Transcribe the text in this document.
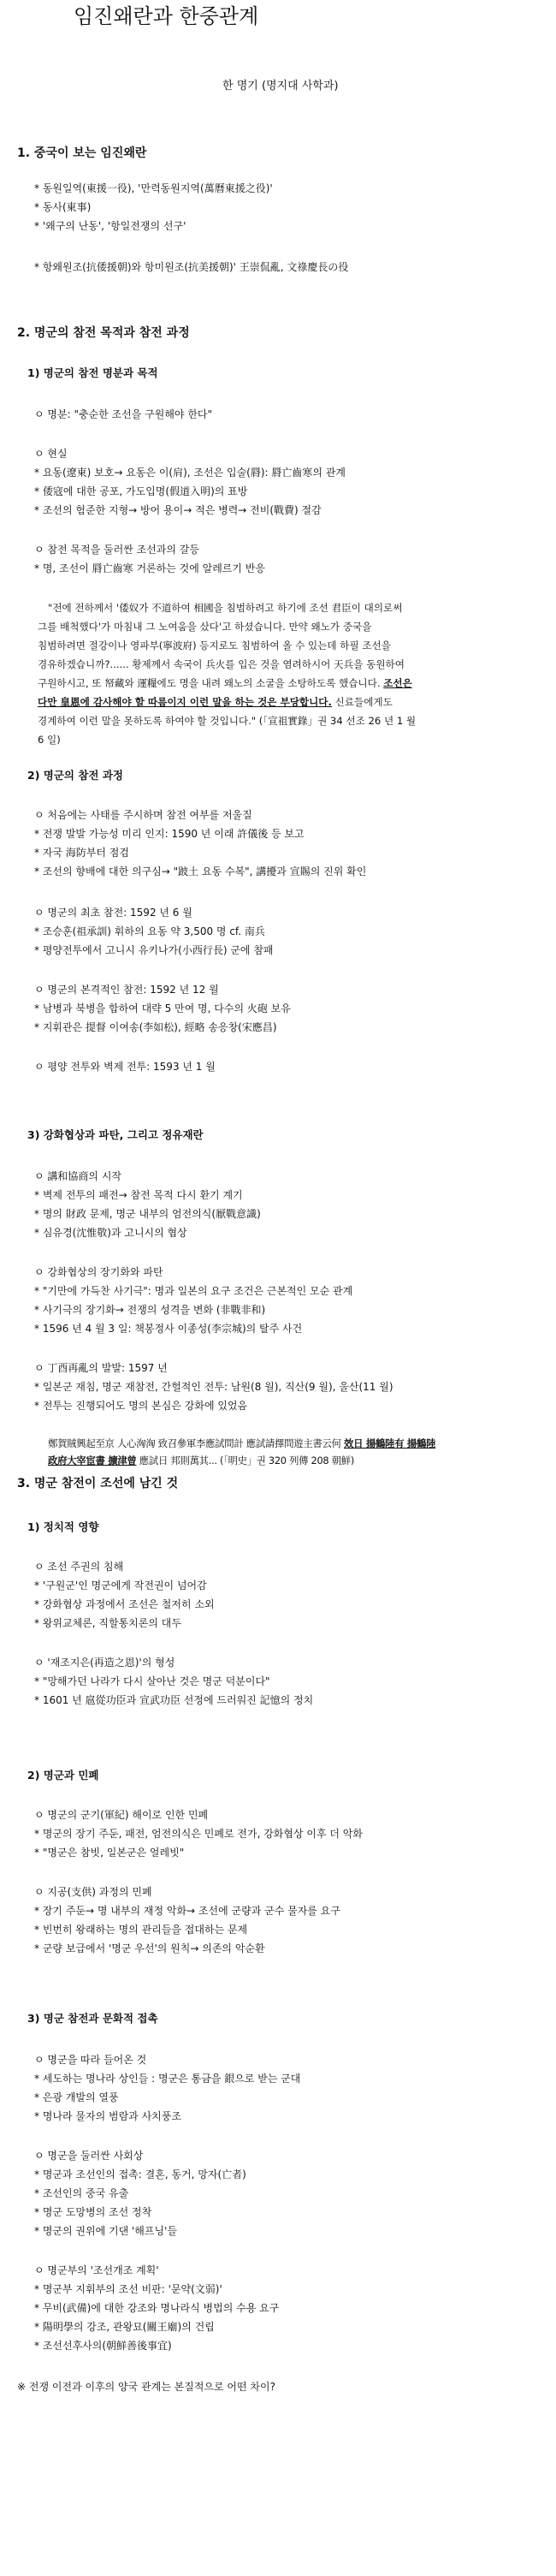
임진왜란과 한중관계
한 명기 (명지대 사학과)
1. 중국이 보는 임진왜란
* 동원일역(東援一役), '만력동원지역(萬曆東援之役)'
* 동사(東事)
* '왜구의 난동', '항일전쟁의 선구'
* 항왜원조(抗倭援朝)와 항미원조(抗美援朝)' 王崇侃亂, 文祿慶長の役
2. 명군의 참전 목적과 참전 과정
1) 명군의 참전 명분과 목적
ㅇ 명분: "충순한 조선을 구원해야 한다"
ㅇ 현실
* 요동(遼東) 보호→ 요동은 이(肩), 조선은 입술(脣): 脣亡齒寒의 관계
* 倭寇에 대한 공포, 가도입명(假道入明)의 표방
* 조선의 험준한 지형→ 방어 용이→ 적은 병력→ 전비(戰費) 절감
ㅇ 참전 목적을 둘러싼 조선과의 갈등
* 명, 조선이 脣亡齒寒 거론하는 것에 알레르기 반응
"전에 전하께서 '倭奴가 不道하여 相國을 침범하려고 하기에 조선 君臣이 대의로써
그를 배척했다'가 마침내 그 노여움을 샀다'고 하셨습니다. 만약 왜노가 중국을
침범하려면 절강이나 영파부(寧波府) 등지로도 침범하여 올 수 있는데 하필 조선을
경유하겠습니까?...... 황제께서 속국이 兵火를 입은 것을 염려하시어 天兵을 동원하여
구원하시고, 또 帑藏와 運糧에도 명을 내려 왜노의 소굴을 소탕하도록 했습니다. 조선은
다만 皇恩에 감사해야 할 따름이지 이런 말을 하는 것은 부당합니다. 신료들에게도
경계하여 이런 말을 못하도록 하여야 할 것입니다." (「宣祖實錄」권 34 선조 26 년 1 월
6 일)
2) 명군의 참전 과정
ㅇ 처음에는 사태를 주시하며 참전 여부를 저울질
* 전쟁 발발 가능성 미리 인지: 1590 년 이래 許儀後 등 보고
* 자국 海防부터 점검
* 조선의 향배에 대한 의구심→ "跛土 요동 수복", 講擾과 宣賜의 진위 확인
ㅇ 명군의 최초 참전: 1592 년 6 월
* 조승훈(祖承訓) 휘하의 요동 약 3,500 명 cf. 南兵
* 평양전투에서 고니시 유키나가(小西行長) 군에 참패
ㅇ 명군의 본격적인 참전: 1592 년 12 월
* 남병과 북병을 합하여 대략 5 만여 명, 다수의 火砲 보유
* 지휘관은 提督 이여송(李如松), 經略 송응창(宋應昌)
ㅇ 평양 전투와 벽제 전투: 1593 년 1 월
3) 강화협상과 파탄, 그리고 정유재란
ㅇ 講和協商의 시작
* 벽제 전투의 패전→ 참전 목적 다시 환기 계기
* 명의 財政 문제, 명군 내부의 엄전의식(厭戰意識)
* 심유경(沈惟敬)과 고니시의 협상
ㅇ 강화협상의 장기화와 파탄
* "기만에 가득찬 사기극": 명과 일본의 요구 조건은 근본적인 모순 관계
* 사기극의 장기화→ 전쟁의 성격을 변화 (非戰非和)
* 1596 년 4 월 3 일: 책봉정사 이종성(李宗城)의 탈주 사건
ㅇ 丁酉再亂의 발발: 1597 년
* 일본군 재침, 명군 재참전, 간헐적인 전투: 남원(8 월), 직산(9 월), 울산(11 월)
* 전투는 진행되어도 명의 본심은 강화에 있었음
鄭賀賊興起至京 人心洶洶 致召參軍李應試問計 應試請擇問遊主書云何 效日 揚鶴陸有 揚鶴陸
政府大宰宦書 擴津曾 應試日 邦則萬其... (「明史」권 320 列傳 208 朝鮮)
3. 명군 참전이 조선에 남긴 것
1) 정치적 영향
ㅇ 조선 주권의 침해
* '구원군'인 명군에게 작전권이 넘어감
* 강화협상 과정에서 조선은 철저히 소외
* 왕위교체론, 직할통치론의 대두
ㅇ '재조지은(再造之恩)'의 형성
* "망해가던 나라가 다시 살아난 것은 명군 덕분이다"
* 1601 년 扈從功臣과 宣武功臣 선정에 드러워진 記憶의 정치
2) 명군과 민폐
ㅇ 명군의 군기(軍紀) 해이로 인한 민폐
* 명군의 장기 주둔, 패전, 엄전의식은 민폐로 전가, 강화협상 이후 더 악화
* "명군은 참빗, 일본군은 얼레빗"
ㅇ 지공(支供) 과정의 민폐
* 장기 주둔→ 명 내부의 재정 악화→ 조선에 군량과 군수 물자를 요구
* 빈번히 왕래하는 명의 관리들을 접대하는 문제
* 군량 보급에서 '명군 우선'의 원칙→ 의존의 악순환
3) 명군 참전과 문화적 접촉
ㅇ 명군을 따라 들어온 것
* 세도하는 명나라 상인들 : 명군은 통금을 銀으로 받는 군대
* 은광 개발의 열풍
* 명나라 물자의 범람과 사치풍조
ㅇ 명군을 둘러싼 사회상
* 명군과 조선인의 접촉: 결혼, 동거, 망자(亡者)
* 조선인의 중국 유출
* 명군 도망병의 조선 정착
* 명군의 권위에 기댄 '해프닝'들
ㅇ 명군부의 '조선개조 계획'
* 명군부 지휘부의 조선 비판: '문약(文弱)'
* 무비(武備)에 대한 강조와 명나라식 병법의 수용 요구
* 陽明學의 강조, 관왕묘(關王廟)의 건립
* 조선선후사의(朝鮮善後事宜)
※ 전쟁 이전과 이후의 양국 관계는 본질적으로 어떤 차이?
